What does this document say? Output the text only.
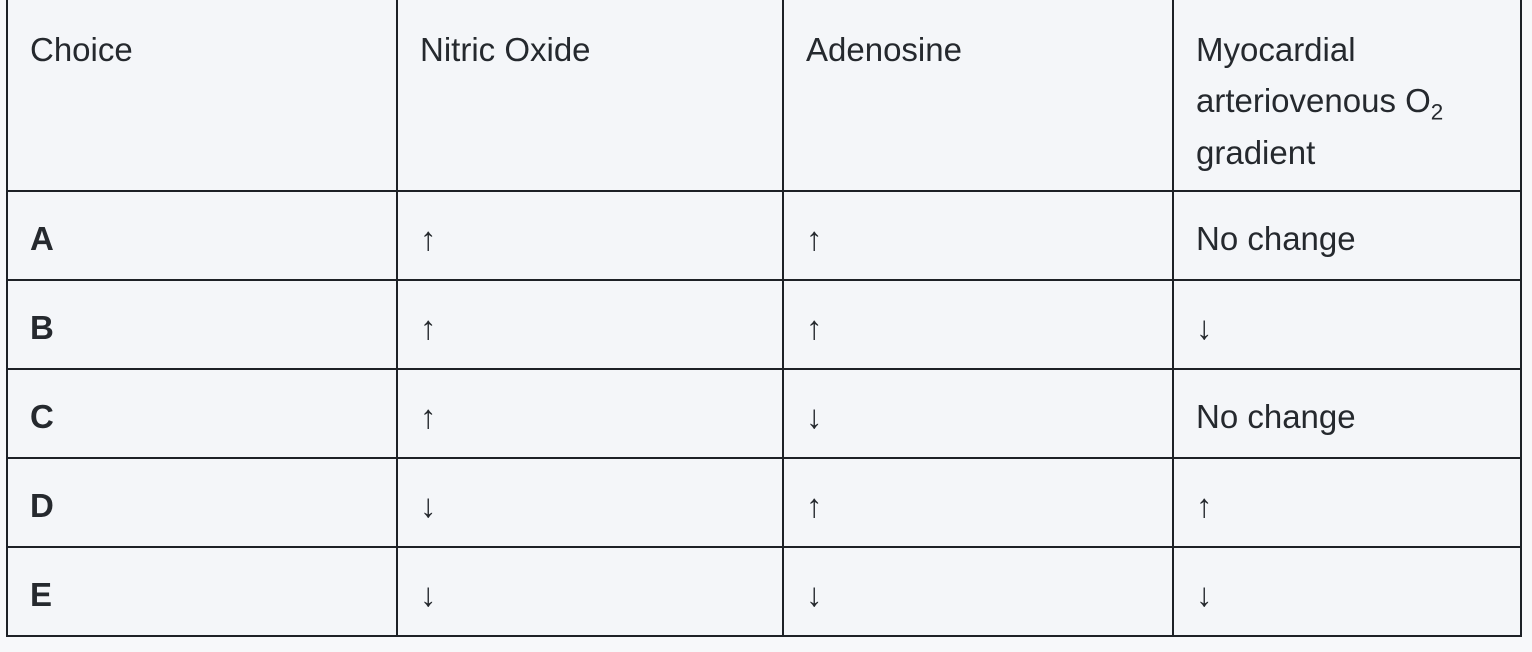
Choice	Nitric Oxide	Adenosine	Myocardial arteriovenous $O_2$ gradient
A	↑	↑	No change
B	↑	↑	↓
C	↑	↓	No change
D	↓	↑	↑
E	↓	↓	↓
